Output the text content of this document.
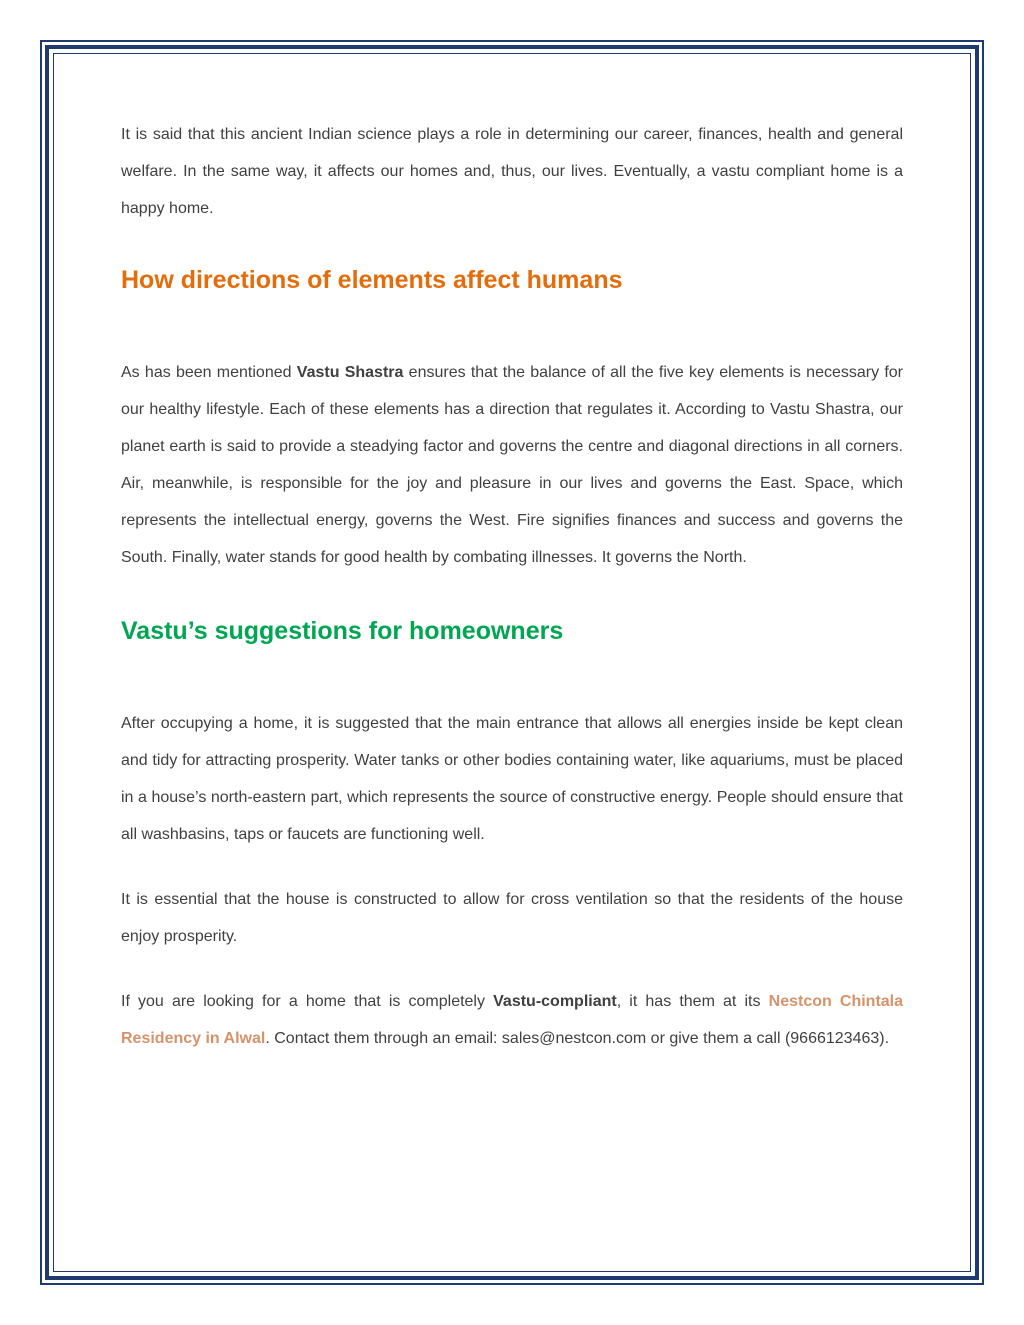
It is said that this ancient Indian science plays a role in determining our career, finances, health and general welfare. In the same way, it affects our homes and, thus, our lives. Eventually, a vastu compliant home is a happy home.

How directions of elements affect humans

As has been mentioned Vastu Shastra ensures that the balance of all the five key elements is necessary for our healthy lifestyle. Each of these elements has a direction that regulates it. According to Vastu Shastra, our planet earth is said to provide a steadying factor and governs the centre and diagonal directions in all corners. Air, meanwhile, is responsible for the joy and pleasure in our lives and governs the East. Space, which represents the intellectual energy, governs the West. Fire signifies finances and success and governs the South. Finally, water stands for good health by combating illnesses. It governs the North.

Vastu’s suggestions for homeowners

After occupying a home, it is suggested that the main entrance that allows all energies inside be kept clean and tidy for attracting prosperity. Water tanks or other bodies containing water, like aquariums, must be placed in a house’s north-eastern part, which represents the source of constructive energy. People should ensure that all washbasins, taps or faucets are functioning well.

It is essential that the house is constructed to allow for cross ventilation so that the residents of the house enjoy prosperity.

If you are looking for a home that is completely Vastu-compliant, it has them at its Nestcon Chintala Residency in Alwal. Contact them through an email: sales@nestcon.com or give them a call (9666123463).
